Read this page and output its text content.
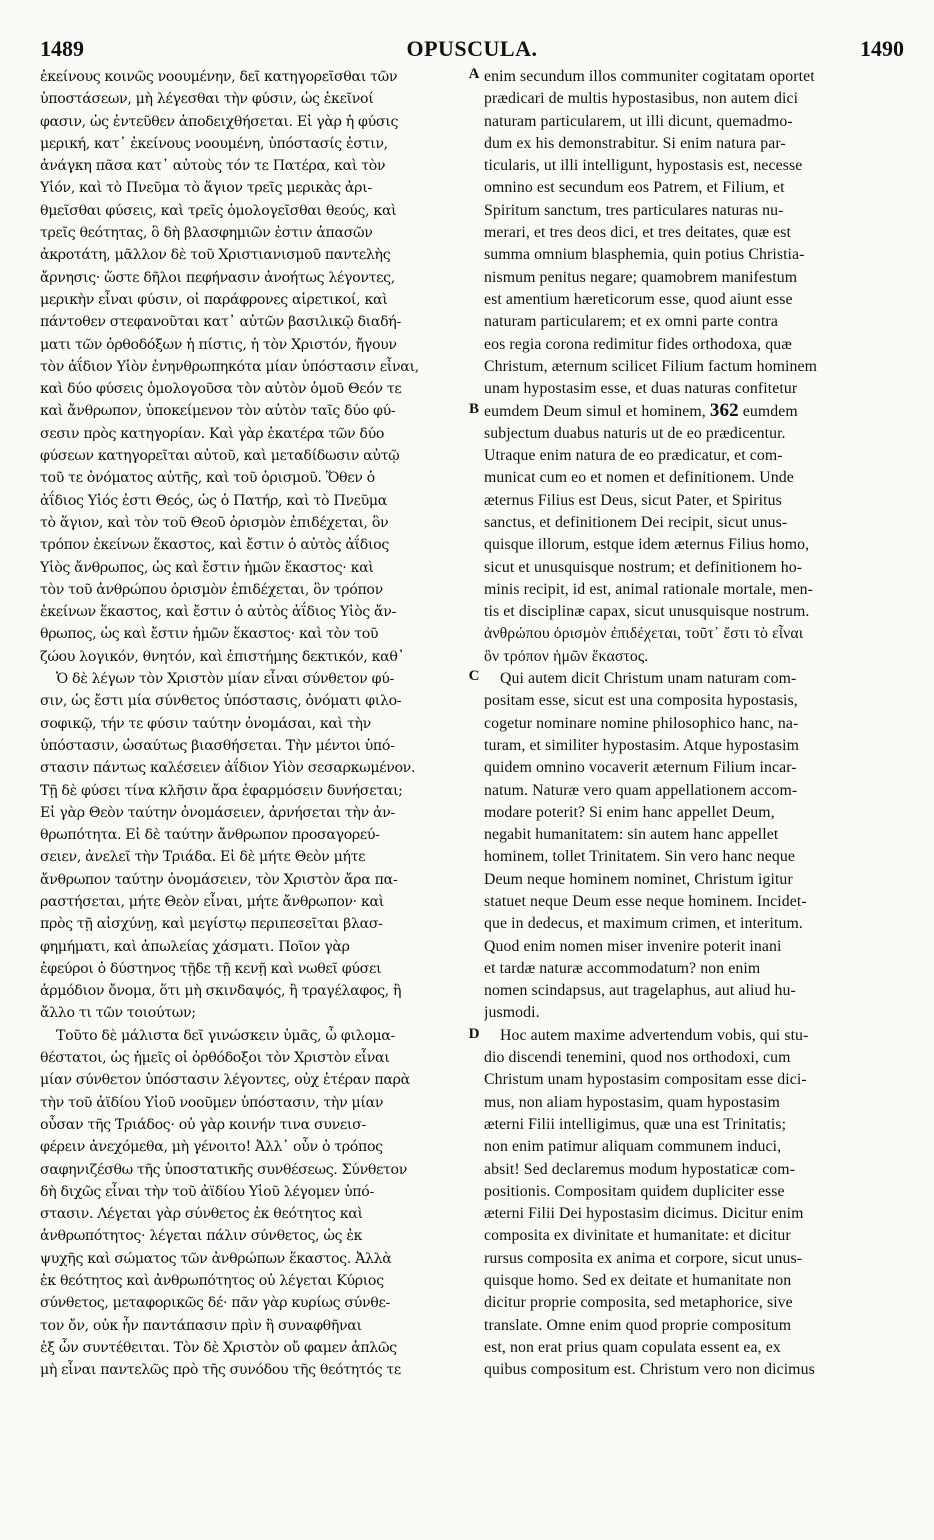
1489	OPUSCULA.	1490
ἐκείνους κοινῶς νοουμένην, δεῖ κατηγορεῖσθαι τῶν
ὑποστάσεων, μὴ λέγεσθαι τὴν φύσιν, ὡς ἐκεῖνοί
φασιν, ὡς ἐντεῦθεν ἀποδειχθήσεται. Εἰ γὰρ ἡ φύσις
μερική, κατ᾽ ἐκείνους νοουμένη, ὑπόστασίς ἐστιν,
ἀνάγκη πᾶσα κατ᾽ αὐτοὺς τόν τε Πατέρα, καὶ τὸν
Υἱόν, καὶ τὸ Πνεῦμα τὸ ἅγιον τρεῖς μερικὰς ἀρι-
θμεῖσθαι φύσεις, καὶ τρεῖς ὁμολογεῖσθαι θεούς, καὶ
τρεῖς θεότητας, ὃ δὴ βλασφημιῶν ἐστιν ἁπασῶν
ἀκροτάτη, μᾶλλον δὲ τοῦ Χριστιανισμοῦ παντελὴς
ἄρνησις· ὥστε δῆλοι πεφήνασιν ἀνοήτως λέγοντες,
μερικὴν εἶναι φύσιν, οἱ παράφρονες αἱρετικοί, καὶ
πάντοθεν στεφανοῦται κατ᾽ αὐτῶν βασιλικῷ διαδή-
ματι τῶν ὀρθοδόξων ἡ πίστις, ἡ τὸν Χριστόν, ἤγουν
τὸν ἀΐδιον Υἱὸν ἐνηνθρωπηκότα μίαν ὑπόστασιν εἶναι,
καὶ δύο φύσεις ὁμολογοῦσα τὸν αὐτὸν ὁμοῦ Θεόν τε
καὶ ἄνθρωπον, ὑποκείμενον τὸν αὐτὸν ταῖς δύο φύ-
σεσιν πρὸς κατηγορίαν. Καὶ γὰρ ἑκατέρα τῶν δύο
φύσεων κατηγορεῖται αὐτοῦ, καὶ μεταδίδωσιν αὐτῷ
τοῦ τε ὀνόματος αὐτῆς, καὶ τοῦ ὁρισμοῦ. Ὅθεν ὁ
ἀΐδιος Υἱός ἐστι Θεός, ὡς ὁ Πατήρ, καὶ τὸ Πνεῦμα
τὸ ἅγιον, καὶ τὸν τοῦ Θεοῦ ὁρισμὸν ἐπιδέχεται, ὃν
τρόπον ἐκείνων ἕκαστος, καὶ ἔστιν ὁ αὐτὸς ἀΐδιος
Υἱὸς ἄνθρωπος, ὡς καὶ ἔστιν ἡμῶν ἕκαστος· καὶ
τὸν τοῦ ἀνθρώπου ὁρισμὸν ἐπιδέχεται, ὃν τρόπον
ἐκείνων ἕκαστος, καὶ ἔστιν ὁ αὐτὸς ἀΐδιος Υἱὸς ἄν-
θρωπος, ὡς καὶ ἔστιν ἡμῶν ἕκαστος· καὶ τὸν τοῦ
ζώου λογικόν, θνητόν, καὶ ἐπιστήμης δεκτικόν, καθ᾽
Ὁ δὲ λέγων τὸν Χριστὸν μίαν εἶναι σύνθετον φύ-
σιν, ὡς ἔστι μία σύνθετος ὑπόστασις, ὀνόματι φιλο-
σοφικῷ, τήν τε φύσιν ταύτην ὀνομάσαι, καὶ τὴν
ὑπόστασιν, ὡσαύτως βιασθήσεται. Τὴν μέντοι ὑπό-
στασιν πάντως καλέσειεν ἀΐδιον Υἱὸν σεσαρκωμένον.
Τῇ δὲ φύσει τίνα κλῆσιν ἄρα ἐφαρμόσειν δυνήσεται;
Εἰ γὰρ Θεὸν ταύτην ὀνομάσειεν, ἀρνήσεται τὴν ἀν-
θρωπότητα. Εἰ δὲ ταύτην ἄνθρωπον προσαγορεύ-
σειεν, ἀνελεῖ τὴν Τριάδα. Εἰ δὲ μήτε Θεὸν μήτε
ἄνθρωπον ταύτην ὀνομάσειεν, τὸν Χριστὸν ἄρα πα-
ραστήσεται, μήτε Θεὸν εἶναι, μήτε ἄνθρωπον· καὶ
πρὸς τῇ αἰσχύνῃ, καὶ μεγίστῳ περιπεσεῖται βλασ-
φημήματι, καὶ ἀπωλείας χάσματι. Ποῖον γὰρ
ἐφεύροι ὁ δύστηνος τῇδε τῇ κενῇ καὶ νωθεῖ φύσει
ἁρμόδιον ὄνομα, ὅτι μὴ σκινδαψός, ἢ τραγέλαφος, ἢ
ἄλλο τι τῶν τοιούτων;
Τοῦτο δὲ μάλιστα δεῖ γινώσκειν ὑμᾶς, ὦ φιλομα-
θέστατοι, ὡς ἡμεῖς οἱ ὀρθόδοξοι τὸν Χριστὸν εἶναι
μίαν σύνθετον ὑπόστασιν λέγοντες, οὐχ ἑτέραν παρὰ
τὴν τοῦ ἀϊδίου Υἱοῦ νοοῦμεν ὑπόστασιν, τὴν μίαν
οὖσαν τῆς Τριάδος· οὐ γὰρ κοινήν τινα συνεισ-
φέρειν ἀνεχόμεθα, μὴ γένοιτο! Ἀλλ᾽ οὖν ὁ τρόπος
σαφηνιζέσθω τῆς ὑποστατικῆς συνθέσεως. Σύνθετον
δὴ διχῶς εἶναι τὴν τοῦ ἀϊδίου Υἱοῦ λέγομεν ὑπό-
στασιν. Λέγεται γὰρ σύνθετος ἐκ θεότητος καὶ
ἀνθρωπότητος· λέγεται πάλιν σύνθετος, ὡς ἐκ
ψυχῆς καὶ σώματος τῶν ἀνθρώπων ἕκαστος. Ἀλλὰ
ἐκ θεότητος καὶ ἀνθρωπότητος οὐ λέγεται Κύριος
σύνθετος, μεταφορικῶς δέ· πᾶν γὰρ κυρίως σύνθε-
τον ὄν, οὐκ ἦν παντάπασιν πρὶν ἢ συναφθῆναι
ἐξ ὧν συντέθειται. Τὸν δὲ Χριστὸν οὔ φαμεν ἁπλῶς
μὴ εἶναι παντελῶς πρὸ τῆς συνόδου τῆς θεότητός τε
enim secundum illos communiter cogitatam oportet
prædicari de multis hypostasibus, non autem dici
naturam particularem, ut illi dicunt, quemadmo-
dum ex his demonstrabitur. Si enim natura par-
ticularis, ut illi intelligunt, hypostasis est, necesse
omnino est secundum eos Patrem, et Filium, et
Spiritum sanctum, tres particulares naturas nu-
merari, et tres deos dici, et tres deitates, quæ est
summa omnium blasphemia, quin potius Christia-
nismum penitus negare; quamobrem manifestum
est amentium hæreticorum esse, quod aiunt esse
naturam particularem; et ex omni parte contra
eos regia corona redimitur fides orthodoxa, quæ
Christum, æternum scilicet Filium factum hominem
unam hypostasim esse, et duas naturas confitetur
eumdem Deum simul et hominem, 362 eumdem
subjectum duabus naturis ut de eo prædicentur.
Utraque enim natura de eo prædicatur, et com-
municat cum eo et nomen et definitionem. Unde
æternus Filius est Deus, sicut Pater, et Spiritus
sanctus, et definitionem Dei recipit, sicut unus-
quisque illorum, estque idem æternus Filius homo,
sicut et unusquisque nostrum; et definitionem ho-
minis recipit, id est, animal rationale mortale, men-
tis et disciplinæ capax, sicut unusquisque nostrum.
ἀνθρώπου ὁρισμὸν ἐπιδέχεται, τοῦτ᾽ ἔστι τὸ εἶναι
ὃν τρόπον ἡμῶν ἕκαστος.
Qui autem dicit Christum unam naturam com-
positam esse, sicut est una composita hypostasis,
cogetur nominare nomine philosophico hanc, na-
turam, et similiter hypostasim. Atque hypostasim
quidem omnino vocaverit æternum Filium incar-
natum. Naturæ vero quam appellationem accom-
modare poterit? Si enim hanc appellet Deum,
negabit humanitatem: sin autem hanc appellet
hominem, tollet Trinitatem. Sin vero hanc neque
Deum neque hominem nominet, Christum igitur
statuet neque Deum esse neque hominem. Incidet-
que in dedecus, et maximum crimen, et interitum.
Quod enim nomen miser invenire poterit inani
et tardæ naturæ accommodatum? non enim
nomen scindapsus, aut tragelaphus, aut aliud hu-
jusmodi.
Hoc autem maxime advertendum vobis, qui stu-
dio discendi tenemini, quod nos orthodoxi, cum
Christum unam hypostasim compositam esse dici-
mus, non aliam hypostasim, quam hypostasim
æterni Filii intelligimus, quæ una est Trinitatis;
non enim patimur aliquam communem induci,
absit! Sed declaremus modum hypostaticæ com-
positionis. Compositam quidem dupliciter esse
æterni Filii Dei hypostasim dicimus. Dicitur enim
composita ex divinitate et humanitate: et dicitur
rursus composita ex anima et corpore, sicut unus-
quisque homo. Sed ex deitate et humanitate non
dicitur proprie composita, sed metaphorice, sive
translate. Omne enim quod proprie compositum
est, non erat prius quam copulata essent ea, ex
quibus compositum est. Christum vero non dicimus
A
B
C
D
